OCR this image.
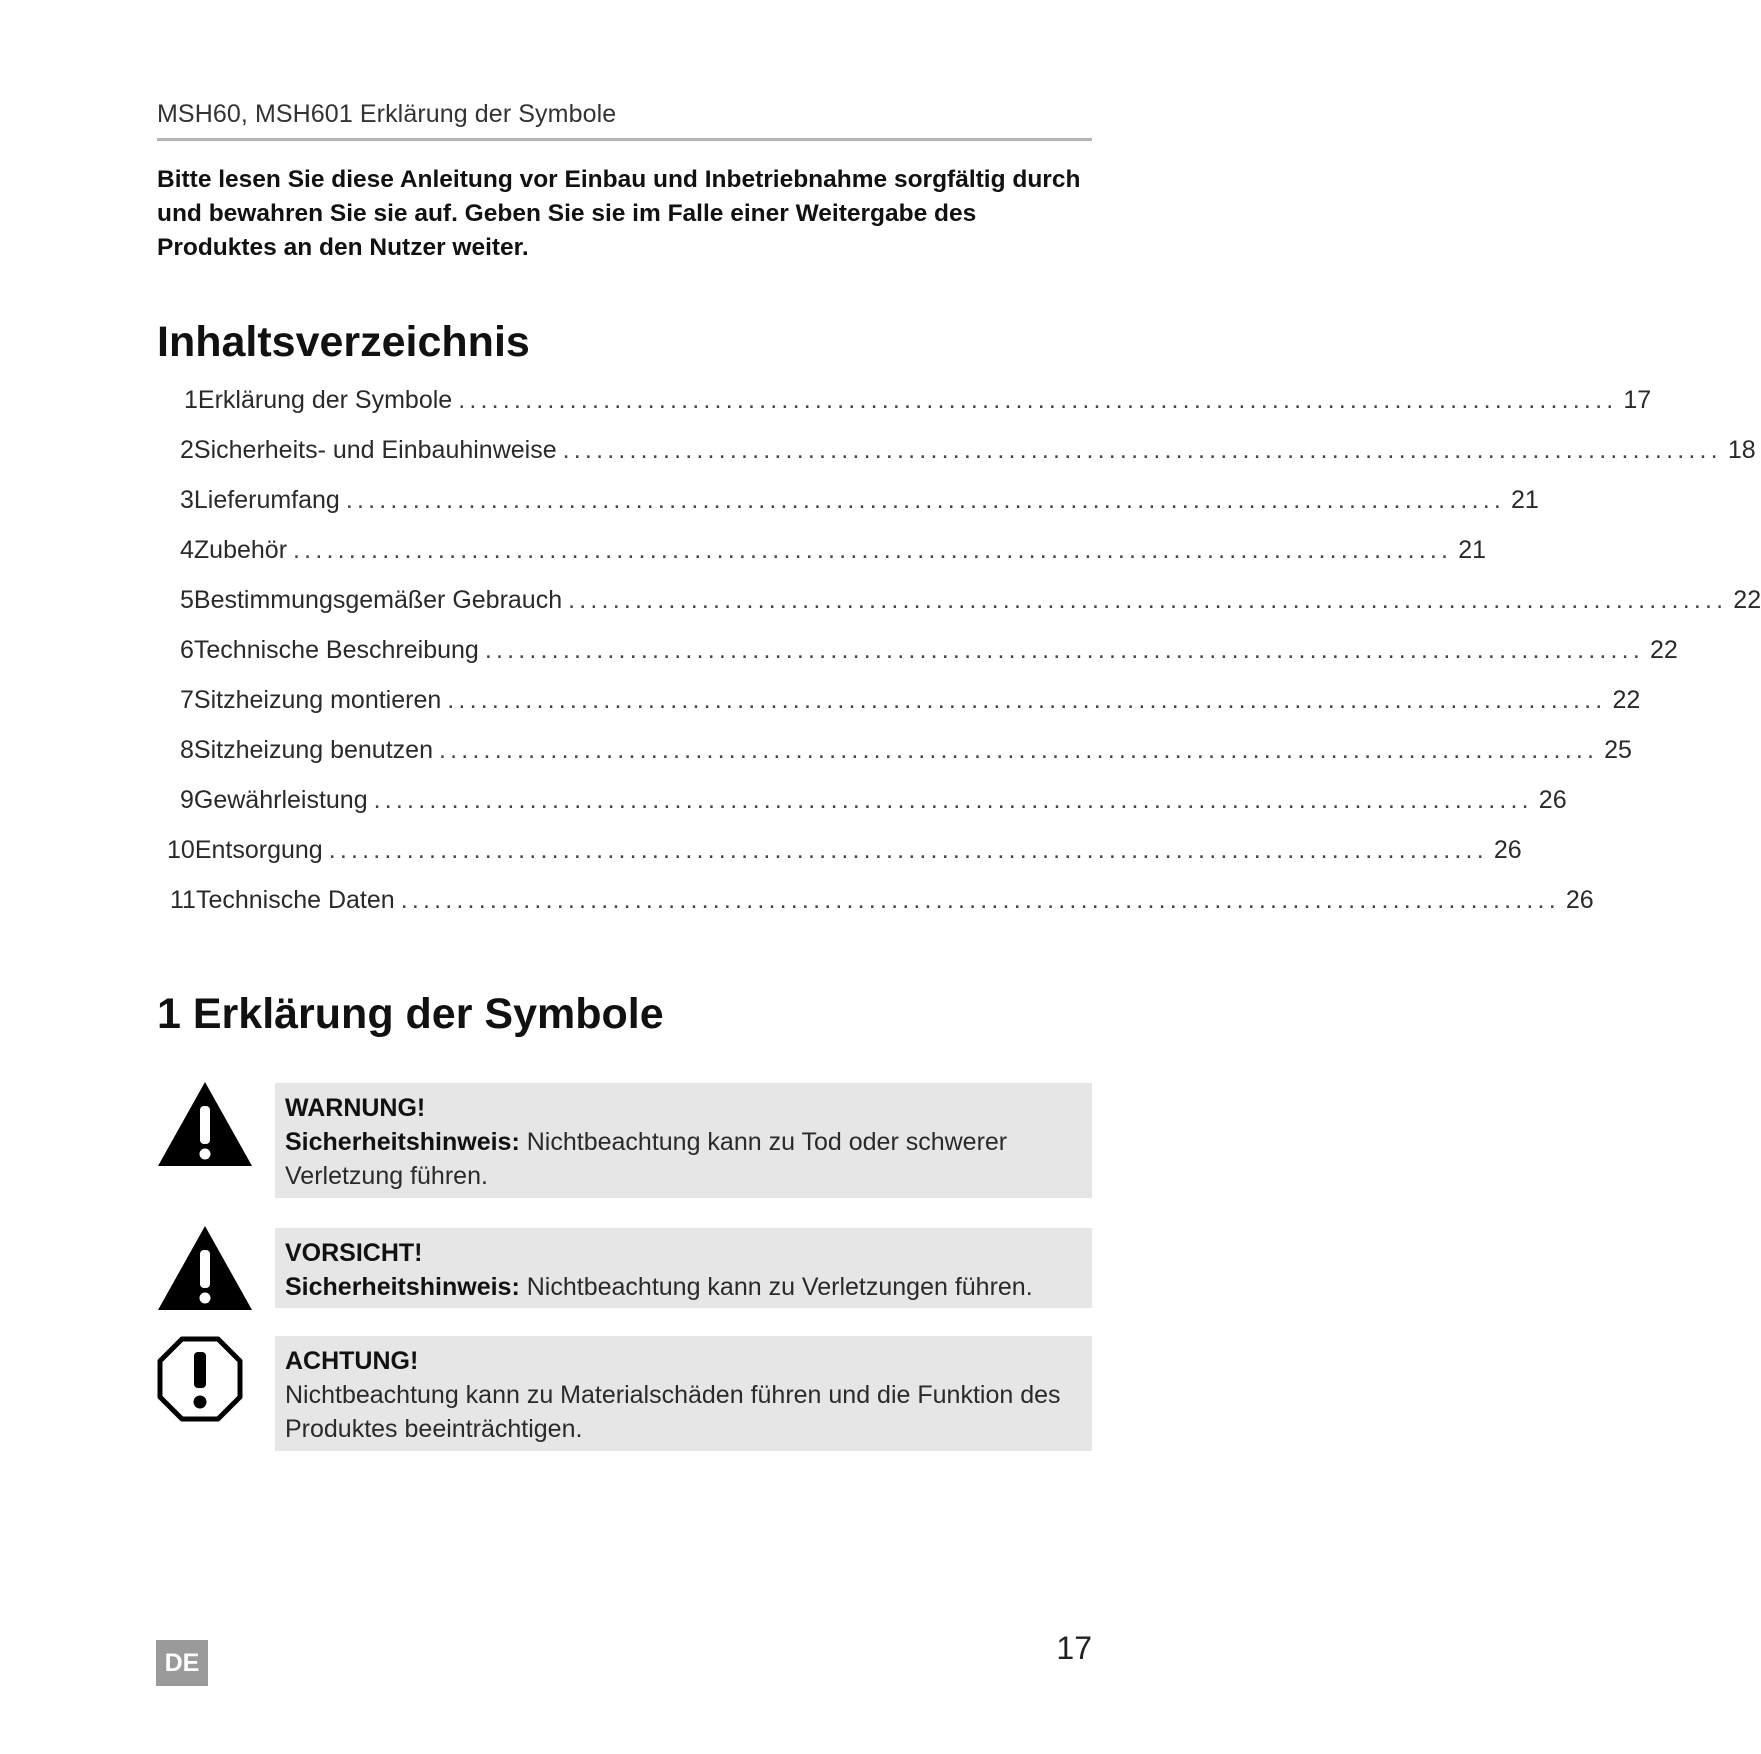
MSH60, MSH601 Erklärung der Symbole
Bitte lesen Sie diese Anleitung vor Einbau und Inbetriebnahme sorgfältig durch und bewahren Sie sie auf. Geben Sie sie im Falle einer Weitergabe des Produktes an den Nutzer weiter.
Inhaltsverzeichnis
1 Erklärung der Symbole ........................................................................................................ 17
2 Sicherheits- und Einbauhinweise ........................................................................................................ 18
3 Lieferumfang ........................................................................................................ 21
4 Zubehör ........................................................................................................ 21
5 Bestimmungsgemäßer Gebrauch ........................................................................................................ 22
6 Technische Beschreibung ........................................................................................................ 22
7 Sitzheizung montieren ........................................................................................................ 22
8 Sitzheizung benutzen ........................................................................................................ 25
9 Gewährleistung ........................................................................................................ 26
10 Entsorgung ........................................................................................................ 26
11 Technische Daten ........................................................................................................ 26
1 Erklärung der Symbole
WARNUNG!
Sicherheitshinweis: Nichtbeachtung kann zu Tod oder schwerer Verletzung führen.
VORSICHT!
Sicherheitshinweis: Nichtbeachtung kann zu Verletzungen führen.
ACHTUNG!
Nichtbeachtung kann zu Materialschäden führen und die Funktion des Produktes beeinträchtigen.
DE	17
